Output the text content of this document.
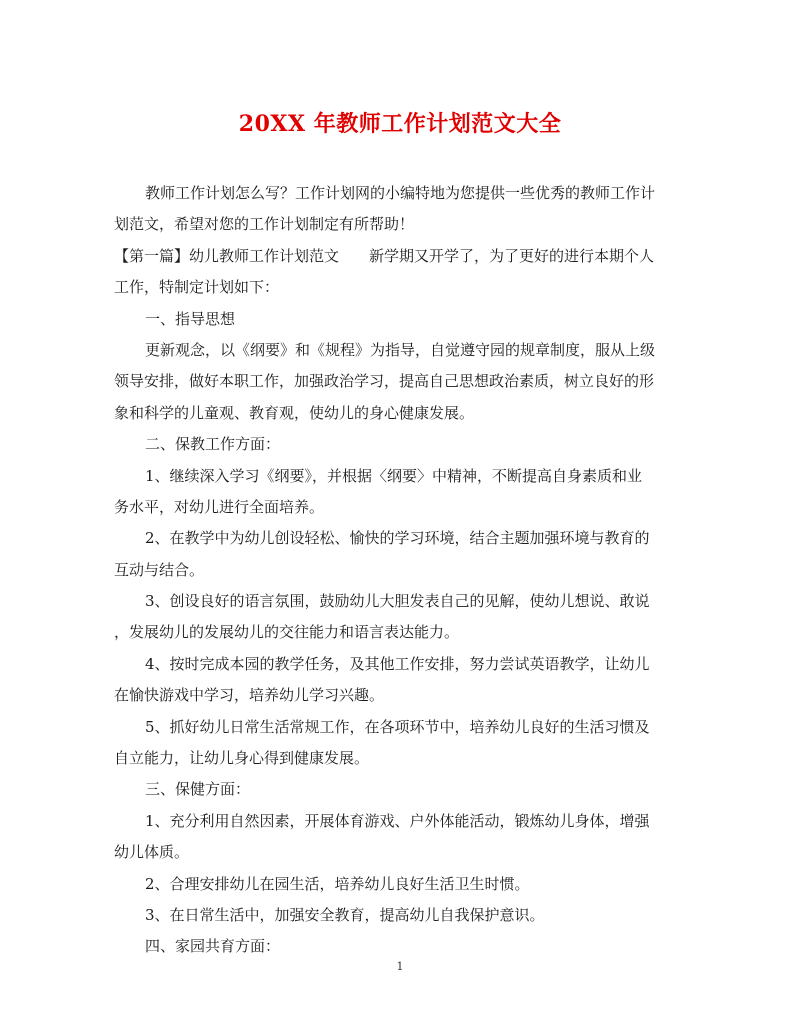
20XX 年教师工作计划范文大全
教师工作计划怎么写？工作计划网的小编特地为您提供一些优秀的教师工作计
划范文，希望对您的工作计划制定有所帮助！
【第一篇】幼儿教师工作计划范文　　新学期又开学了，为了更好的进行本期个人
工作，特制定计划如下：
一、指导思想
更新观念，以《纲要》和《规程》为指导，自觉遵守园的规章制度，服从上级
领导安排，做好本职工作，加强政治学习，提高自己思想政治素质，树立良好的形
象和科学的儿童观、教育观，使幼儿的身心健康发展。
二、保教工作方面：
1、继续深入学习《纲要》，并根据〈纲要〉中精神，不断提高自身素质和业
务水平，对幼儿进行全面培养。
2、在教学中为幼儿创设轻松、愉快的学习环境，结合主题加强环境与教育的
互动与结合。
3、创设良好的语言氛围，鼓励幼儿大胆发表自己的见解，使幼儿想说、敢说
，发展幼儿的发展幼儿的交往能力和语言表达能力。
4、按时完成本园的教学任务，及其他工作安排，努力尝试英语教学，让幼儿
在愉快游戏中学习，培养幼儿学习兴趣。
5、抓好幼儿日常生活常规工作，在各项环节中，培养幼儿良好的生活习惯及
自立能力，让幼儿身心得到健康发展。
三、保健方面：
1、充分利用自然因素，开展体育游戏、户外体能活动，锻炼幼儿身体，增强
幼儿体质。
2、合理安排幼儿在园生活，培养幼儿良好生活卫生时惯。
3、在日常生活中，加强安全教育，提高幼儿自我保护意识。
四、家园共育方面：
1
